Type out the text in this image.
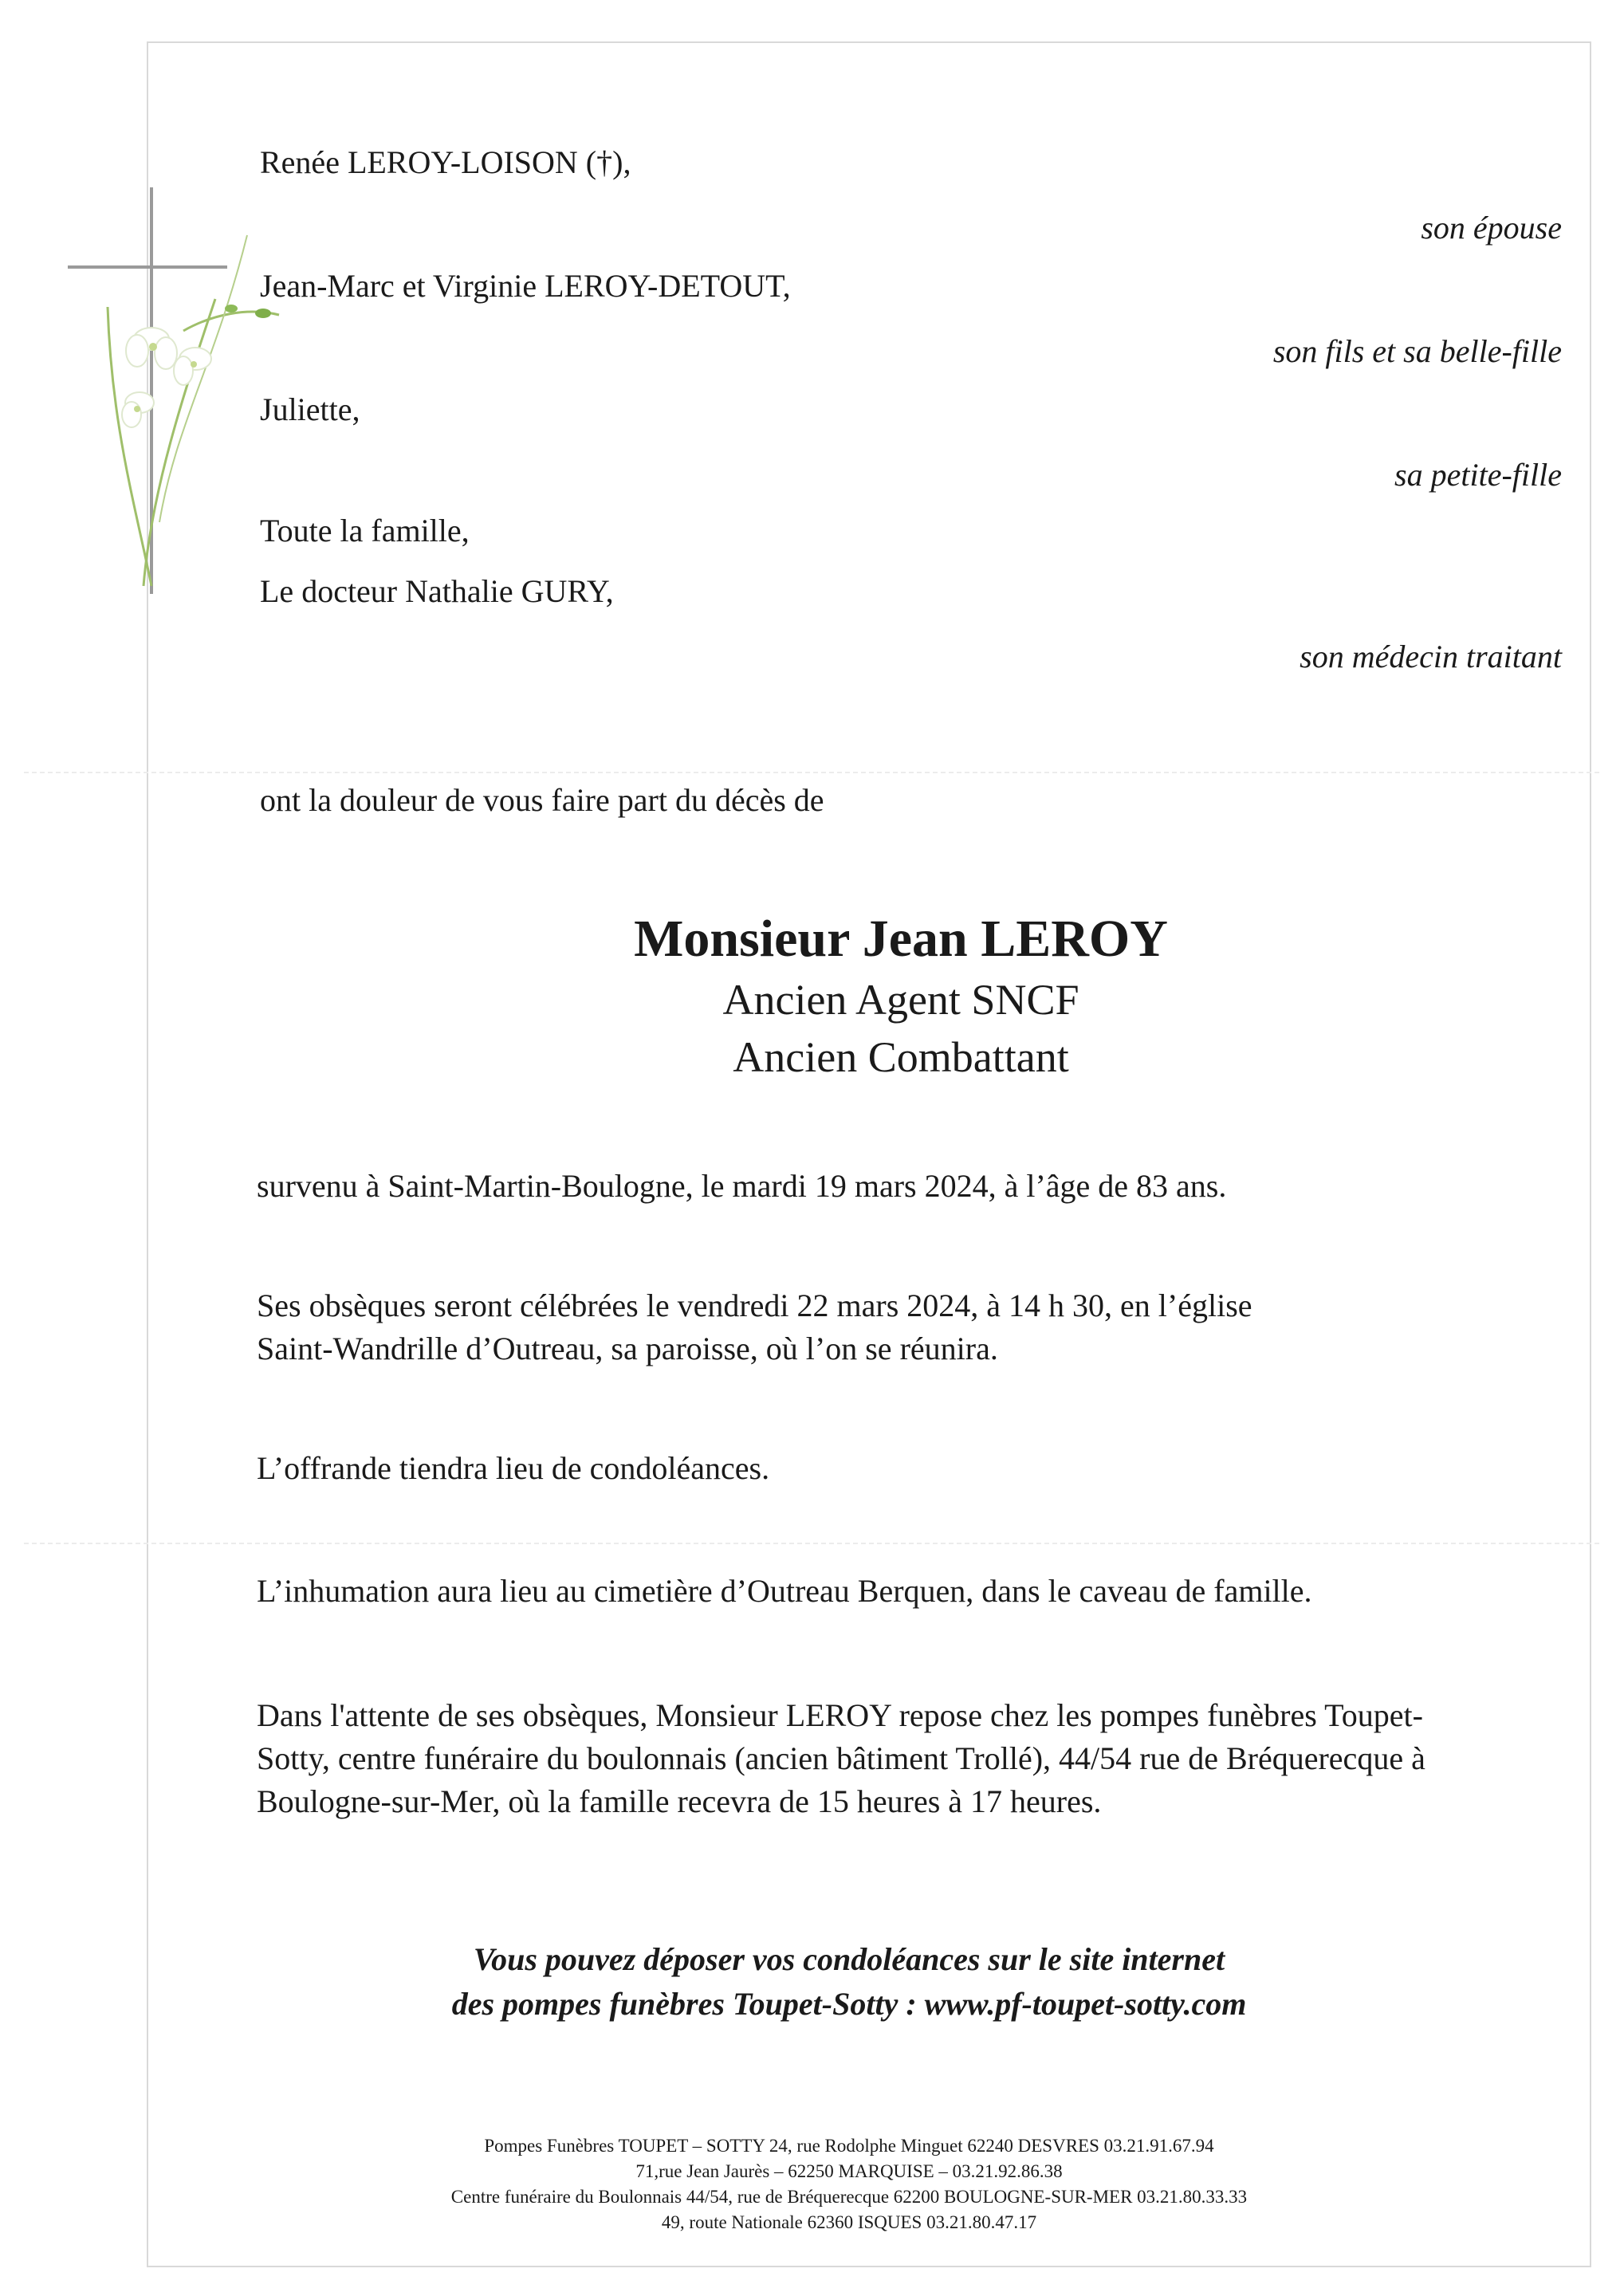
Renée LEROY-LOISON (†),
son épouse
Jean-Marc et Virginie LEROY-DETOUT,
son fils et sa belle-fille
Juliette,
sa petite-fille
Toute la famille,
Le docteur Nathalie GURY,
son médecin traitant
ont la douleur de vous faire part du décès de
Monsieur Jean LEROY
Ancien Agent SNCF
Ancien Combattant
survenu à Saint-Martin-Boulogne, le mardi 19 mars 2024, à l’âge de 83 ans.
Ses obsèques seront célébrées le vendredi 22 mars 2024, à 14 h 30, en l’église
Saint-Wandrille d’Outreau, sa paroisse, où l’on se réunira.
L’offrande tiendra lieu de condoléances.
L’inhumation aura lieu au cimetière d’Outreau Berquen, dans le caveau de famille.
Dans l'attente de ses obsèques, Monsieur LEROY repose chez les pompes funèbres Toupet-
Sotty, centre funéraire du boulonnais (ancien bâtiment Trollé), 44/54 rue de Bréquerecque à
Boulogne-sur-Mer, où la famille recevra de 15 heures à 17 heures.
Vous pouvez déposer vos condoléances sur le site internet
des pompes funèbres Toupet-Sotty : www.pf-toupet-sotty.com
Pompes Funèbres TOUPET – SOTTY 24, rue Rodolphe Minguet 62240 DESVRES 03.21.91.67.94
71,rue Jean Jaurès – 62250 MARQUISE – 03.21.92.86.38
Centre funéraire du Boulonnais 44/54, rue de Bréquerecque 62200 BOULOGNE-SUR-MER 03.21.80.33.33
49, route Nationale 62360 ISQUES 03.21.80.47.17
